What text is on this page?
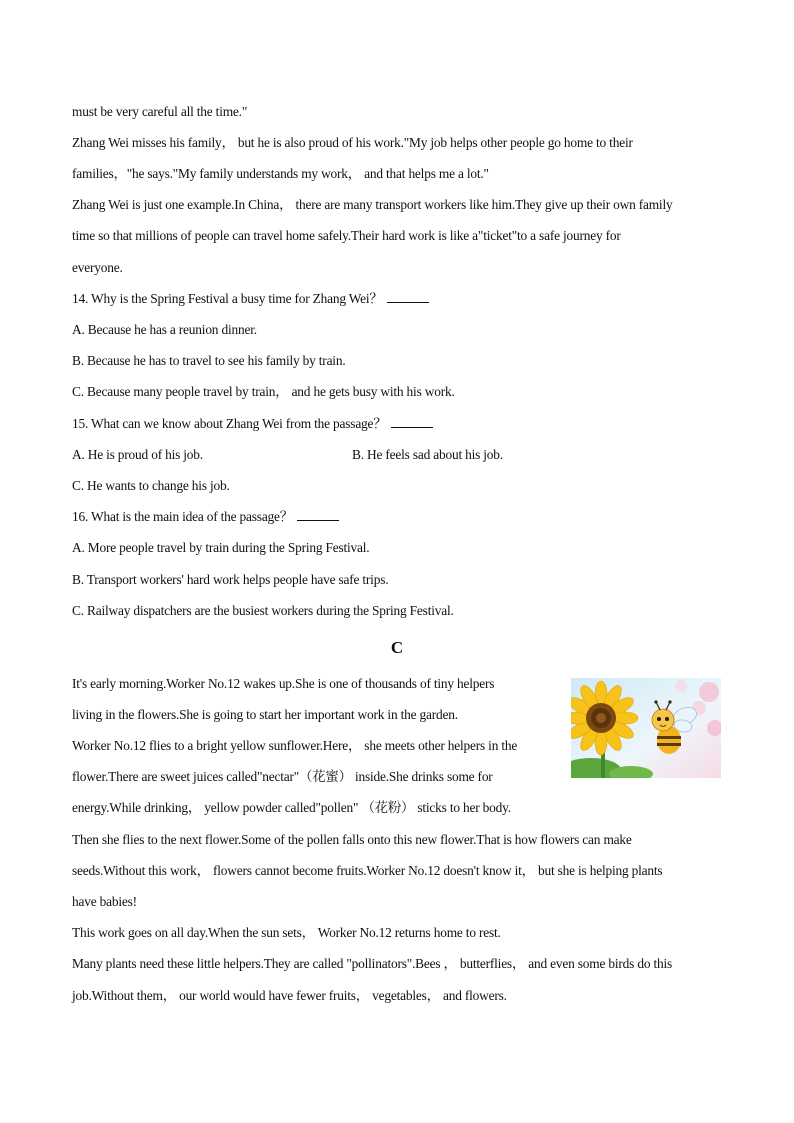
must be very careful all the time."
Zhang Wei misses his family， but he is also proud of his work."My job helps other people go home to their
families，"he says."My family understands my work， and that helps me a lot."
Zhang Wei is just one example.In China， there are many transport workers like him.They give up their own family
time so that millions of people can travel home safely.Their hard work is like a"ticket"to a safe journey for
everyone.
14. Why is the Spring Festival a busy time for Zhang Wei？
A. Because he has a reunion dinner.
B. Because he has to travel to see his family by train.
C. Because many people travel by train， and he gets busy with his work.
15. What can we know about Zhang Wei from the passage？
A. He is proud of his job.	B. He feels sad about his job.
C. He wants to change his job.
16. What is the main idea of the passage？
A. More people travel by train during the Spring Festival.
B. Transport workers' hard work helps people have safe trips.
C. Railway dispatchers are the busiest workers during the Spring Festival.
C
It's early morning.Worker No.12 wakes up.She is one of thousands of tiny helpers
living in the flowers.She is going to start her important work in the garden.
Worker No.12 flies to a bright yellow sunflower.Here， she meets other helpers in the
flower.There are sweet juices called"nectar"（花蜜） inside.She drinks some for
energy.While drinking， yellow powder called"pollen" （花粉） sticks to her body.
Then she flies to the next flower.Some of the pollen falls onto this new flower.That is how flowers can make
seeds.Without this work， flowers cannot become fruits.Worker No.12 doesn't know it， but she is helping plants
have babies!
This work goes on all day.When the sun sets， Worker No.12 returns home to rest.
Many plants need these little helpers.They are called "pollinators".Bees ， butterflies， and even some birds do this
job.Without them， our world would have fewer fruits， vegetables， and flowers.
